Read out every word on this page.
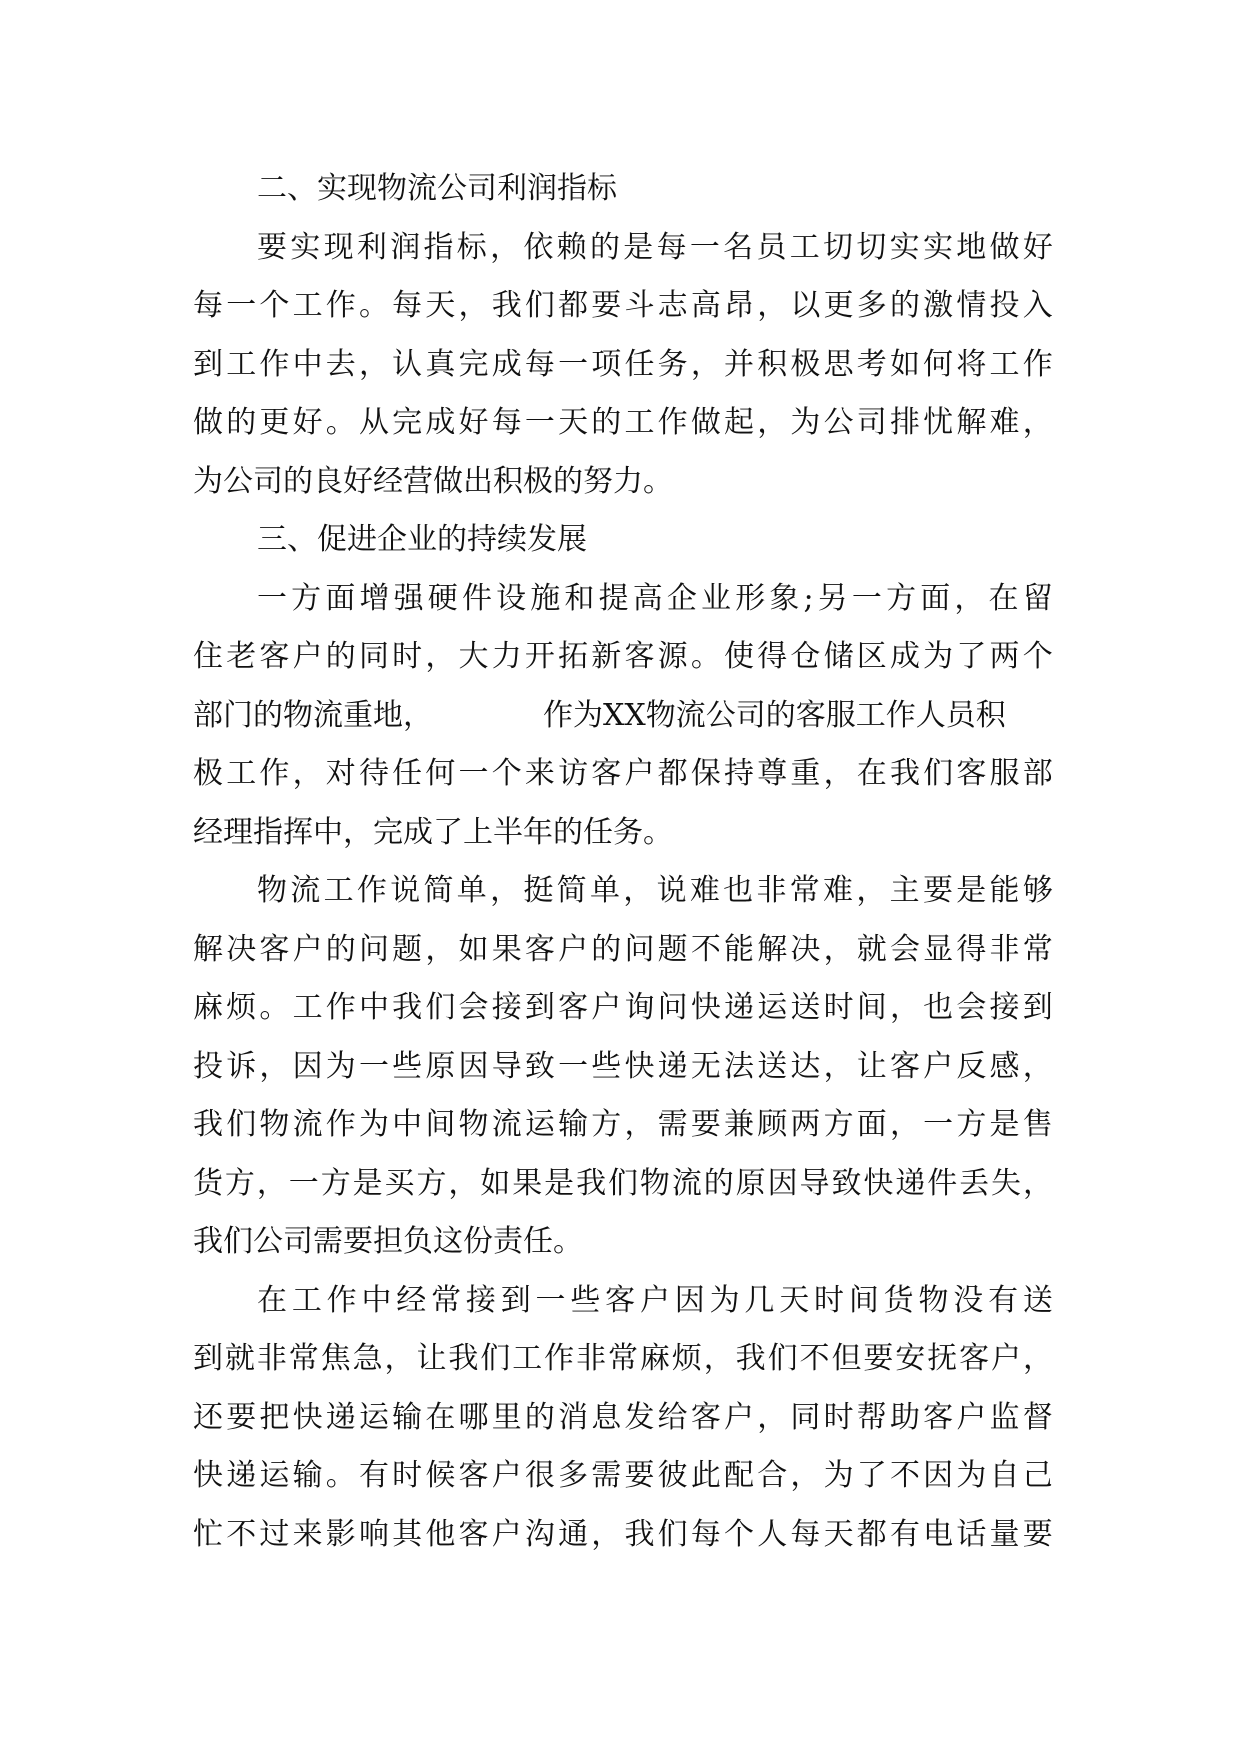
二、实现物流公司利润指标
要 实 现 利 润 指 标 ， 依 赖 的 是 每 一 名 员 工 切 切 实 实 地 做 好
每 一 个 工 作 。 每 天 ， 我 们 都 要 斗 志 高 昂 ， 以 更 多 的 激 情 投 入
到 工 作 中 去 ， 认 真 完 成 每 一 项 任 务 ， 并 积 极 思 考 如 何 将 工 作
做 的 更 好 。 从 完 成 好 每 一 天 的 工 作 做 起 ， 为 公 司 排 忧 解 难 ，
为公司的良好经营做出积极的努力。
三、促进企业的持续发展
一 方 面 增 强 硬 件 设 施 和 提 高 企 业 形 象 ; 另 一 方 面 ， 在 留
住 老 客 户 的 同 时 ， 大 力 开 拓 新 客 源 。 使 得 仓 储 区 成 为 了 两 个
部门的物流重地，	作为XX物流公司的客服工作人员积
极 工 作 ， 对 待 任 何 一 个 来 访 客 户 都 保 持 尊 重 ， 在 我 们 客 服 部
经理指挥中，完成了上半年的任务。
物 流 工 作 说 简 单 ， 挺 简 单 ， 说 难 也 非 常 难 ， 主 要 是 能 够
解 决 客 户 的 问 题 ， 如 果 客 户 的 问 题 不 能 解 决 ， 就 会 显 得 非 常
麻 烦 。 工 作 中 我 们 会 接 到 客 户 询 问 快 递 运 送 时 间 ， 也 会 接 到
投 诉 ， 因 为 一 些 原 因 导 致 一 些 快 递 无 法 送 达 ， 让 客 户 反 感 ，
我 们 物 流 作 为 中 间 物 流 运 输 方 ， 需 要 兼 顾 两 方 面 ， 一 方 是 售
货 方 ， 一 方 是 买 方 ， 如 果 是 我 们 物 流 的 原 因 导 致 快 递 件 丢 失 ，
我们公司需要担负这份责任。
在 工 作 中 经 常 接 到 一 些 客 户 因 为 几 天 时 间 货 物 没 有 送
到 就 非 常 焦 急 ， 让 我 们 工 作 非 常 麻 烦 ， 我 们 不 但 要 安 抚 客 户 ，
还 要 把 快 递 运 输 在 哪 里 的 消 息 发 给 客 户 ， 同 时 帮 助 客 户 监 督
快 递 运 输 。 有 时 候 客 户 很 多 需 要 彼 此 配 合 ， 为 了 不 因 为 自 己
忙 不 过 来 影 响 其 他 客 户 沟 通 ， 我 们 每 个 人 每 天 都 有 电 话 量 要
